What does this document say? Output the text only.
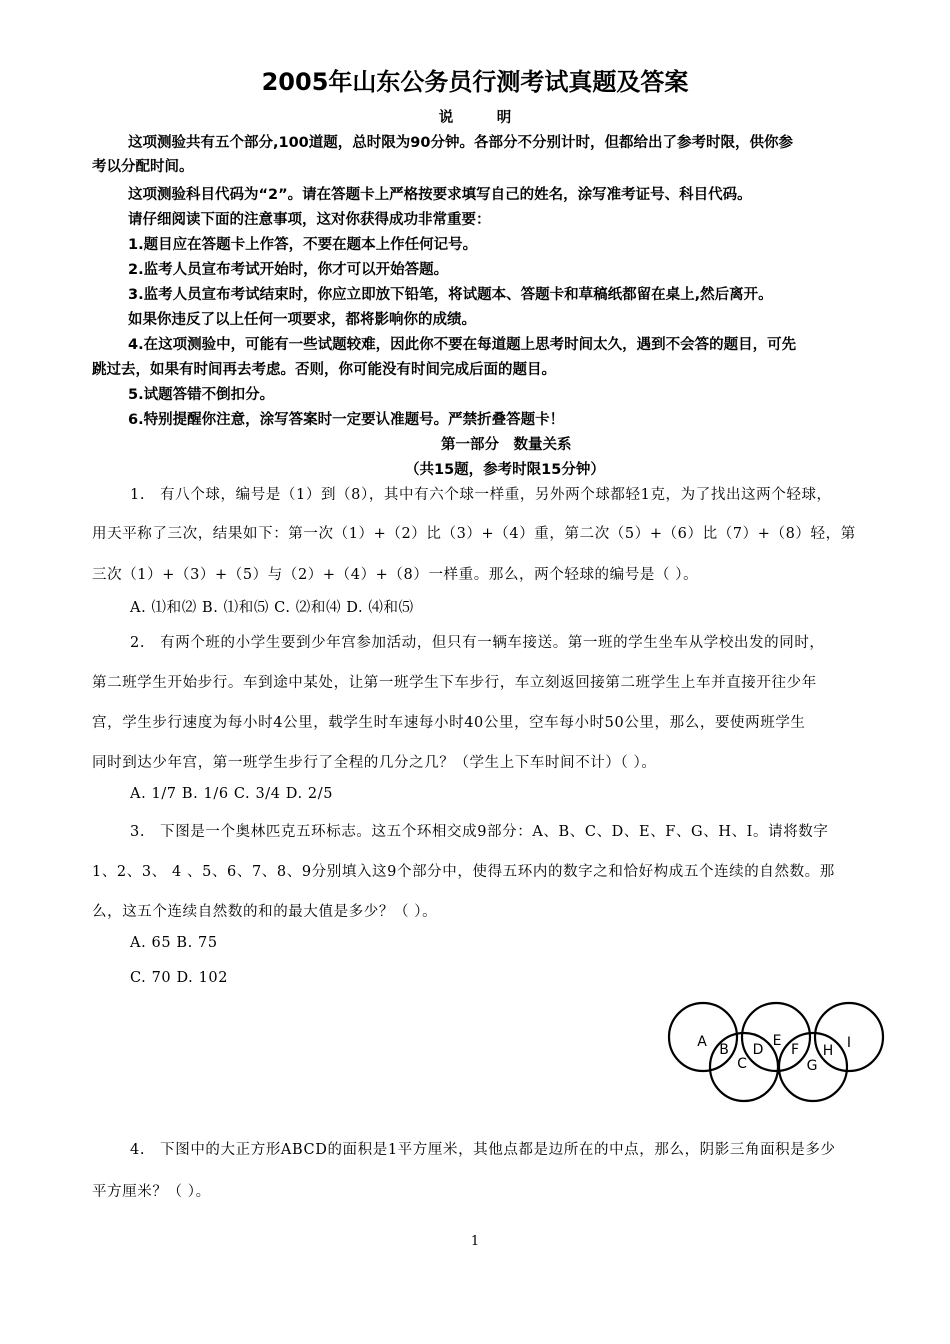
2005年山东公务员行测考试真题及答案
说　　　明
这项测验共有五个部分,100道题，总时限为90分钟。各部分不分别计时，但都给出了参考时限，供你参
考以分配时间。
这项测验科目代码为“2”。请在答题卡上严格按要求填写自己的姓名，涂写准考证号、科目代码。
请仔细阅读下面的注意事项，这对你获得成功非常重要：
1.题目应在答题卡上作答，不要在题本上作任何记号。
2.监考人员宣布考试开始时，你才可以开始答题。
3.监考人员宣布考试结束时，你应立即放下铅笔，将试题本、答题卡和草稿纸都留在桌上,然后离开。
如果你违反了以上任何一项要求，都将影响你的成绩。
4.在这项测验中，可能有一些试题较难，因此你不要在每道题上思考时间太久，遇到不会答的题目，可先
跳过去，如果有时间再去考虑。否则，你可能没有时间完成后面的题目。
5.试题答错不倒扣分。
6.特别提醒你注意，涂写答案时一定要认准题号。严禁折叠答题卡！
第一部分　数量关系
（共15题，参考时限15分钟）
1.　有八个球，编号是（1）到（8），其中有六个球一样重，另外两个球都轻1克，为了找出这两个轻球，
用天平称了三次，结果如下：第一次（1）+（2）比（3）+（4）重，第二次（5）+（6）比（7）+（8）轻，第
三次（1）+（3）+（5）与（2）+（4）+（8）一样重。那么，两个轻球的编号是（ ）。
A. ⑴和⑵ B. ⑴和⑸ C. ⑵和⑷ D. ⑷和⑸
2.　有两个班的小学生要到少年宫参加活动，但只有一辆车接送。第一班的学生坐车从学校出发的同时，
第二班学生开始步行。车到途中某处，让第一班学生下车步行，车立刻返回接第二班学生上车并直接开往少年
宫，学生步行速度为每小时4公里，载学生时车速每小时40公里，空车每小时50公里，那么，要使两班学生
同时到达少年宫，第一班学生步行了全程的几分之几？（学生上下车时间不计）（ ）。
A. 1/7 B. 1/6 C. 3/4 D. 2/5
3.　下图是一个奥林匹克五环标志。这五个环相交成9部分：A、B、C、D、E、F、G、H、I。请将数字
1、2、3、 4 、5、6、7、8、9分别填入这9个部分中，使得五环内的数字之和恰好构成五个连续的自然数。那
么，这五个连续自然数的和的最大值是多少？（ ）。
A. 65 B. 75
C. 70 D. 102
A B
C
D
E
F
G
H I
4.　下图中的大正方形ABCD的面积是1平方厘米，其他点都是边所在的中点，那么，阴影三角面积是多少
平方厘米？（ ）。
1
